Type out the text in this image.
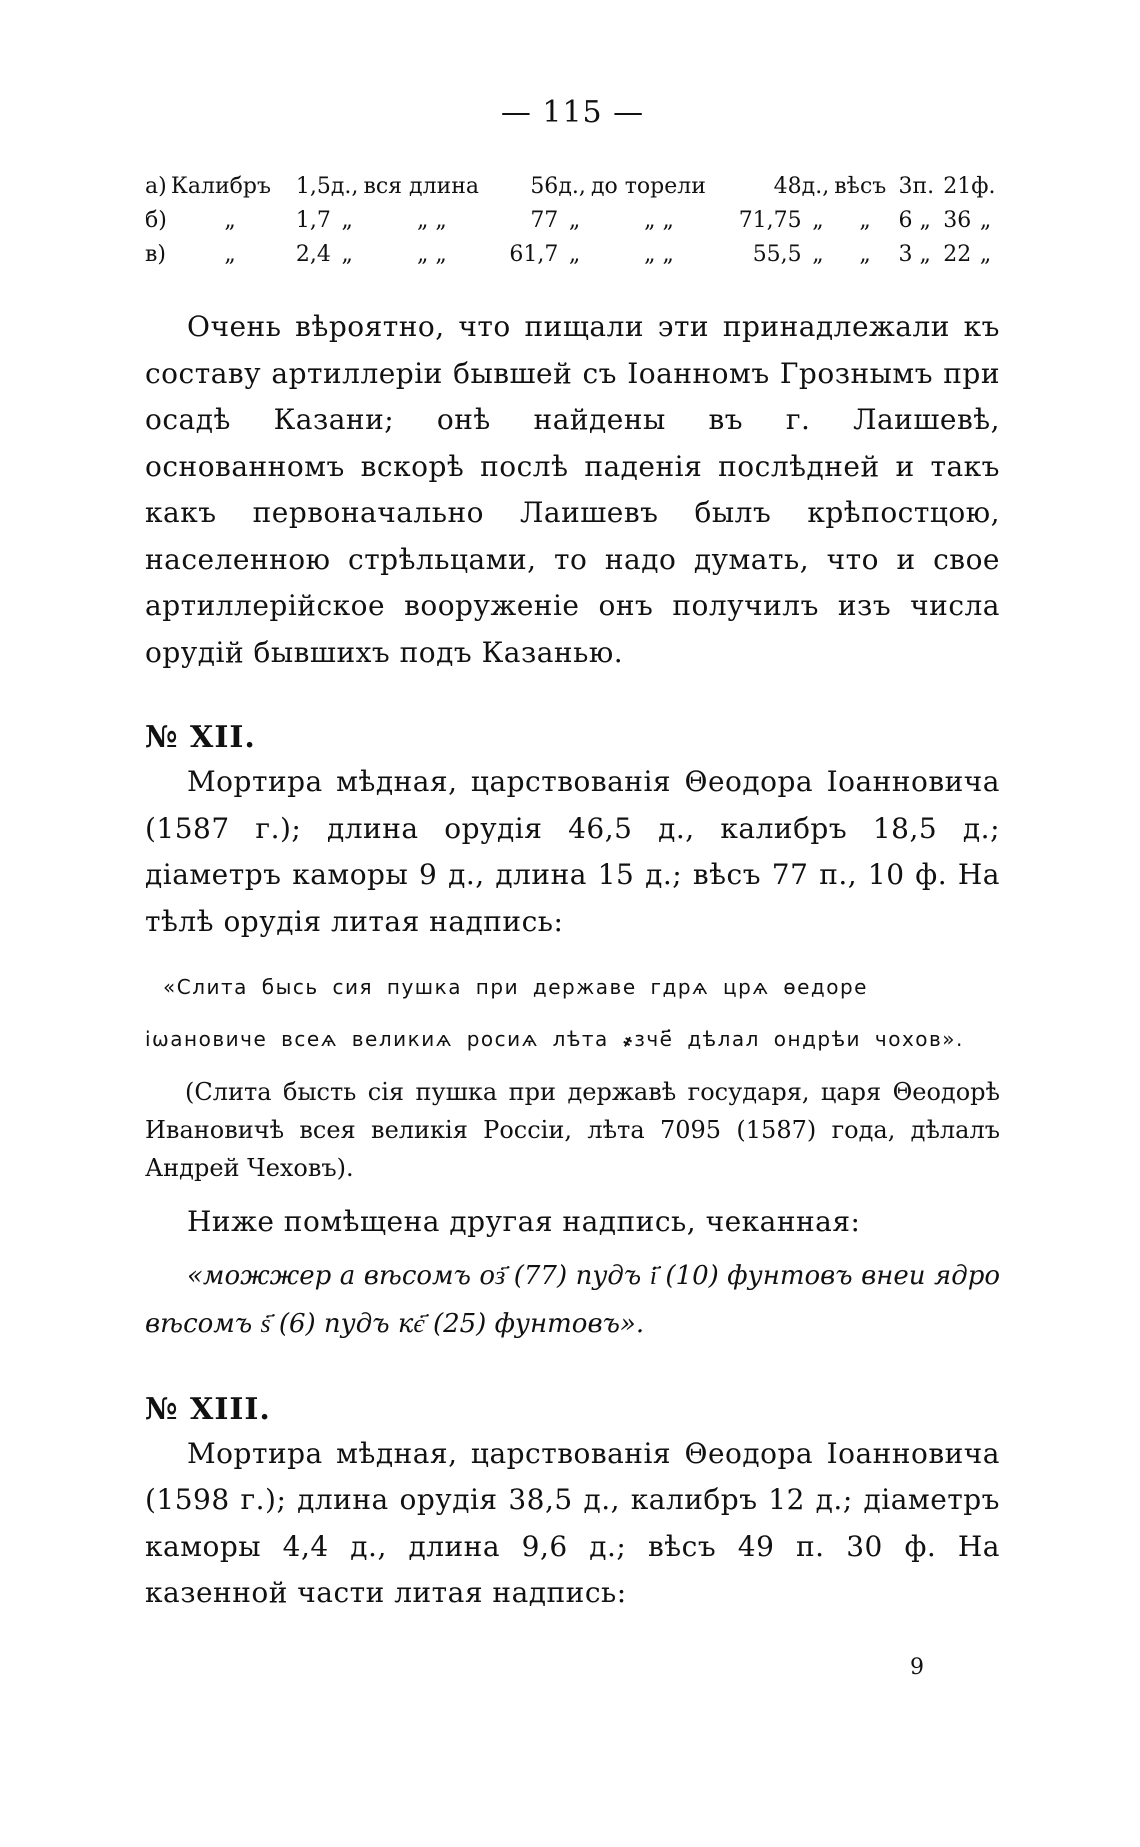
— 115 —
а)	Калибръ	1,5	д.,	вся длина	56	д.,	до торели	48	д.,	вѣсъ	3	п.	21	ф.
б)	„	1,7	„	„ „	77	„	„ „	71,75	„	„	6	„	36	„
в)	„	2,4	„	„ „	61,7	„	„ „	55,5	„	„	3	„	22	„

Очень вѣроятно, что пищали эти принадлежали къ составу артиллеріи бывшей съ Іоанномъ Грознымъ при осадѣ Казани; онѣ найдены въ г. Лаишевѣ, основанномъ вскорѣ послѣ паденія послѣдней и такъ какъ первоначально Лаишевъ былъ крѣпостцою, населенною стрѣльцами, то надо думать, что и свое артиллерійское вооруженіе онъ получилъ изъ числа орудій бывшихъ подъ Казанью.

№ XII.

Мортира мѣдная, царствованія Θеодора Іоанновича (1587 г.); длина орудія 46,5 д., калибръ 18,5 д.; діаметръ каморы 9 д., длина 15 д.; вѣсъ 77 п., 10 ф. На тѣлѣ орудія литая надпись:

«Слита бысь сия пушка при державе гдрѧ црѧ ѳедоре іѡановиче всеѧ великиѧ росиѧ лѣта ҂зче҃ дѣлал ондрѣи чохов».

(Слита бысть сія пушка при державѣ государя, царя Θеодорѣ Ивановичѣ всея великія Россіи, лѣта 7095 (1587) года, дѣлалъ Андрей Чеховъ).

Ниже помѣщена другая надпись, чеканная:

«можжер а вѣсомъ оз҃ (77) пудъ і҃ (10) фунтовъ внеи ядро вѣсомъ ѕ҃ (6) пудъ кє҃ (25) фунтовъ».

№ XIII.

Мортира мѣдная, царствованія Θеодора Іоанновича (1598 г.); длина орудія 38,5 д., калибръ 12 д.; діаметръ каморы 4,4 д., длина 9,6 д.; вѣсъ 49 п. 30 ф. На казенной части литая надпись:

9
